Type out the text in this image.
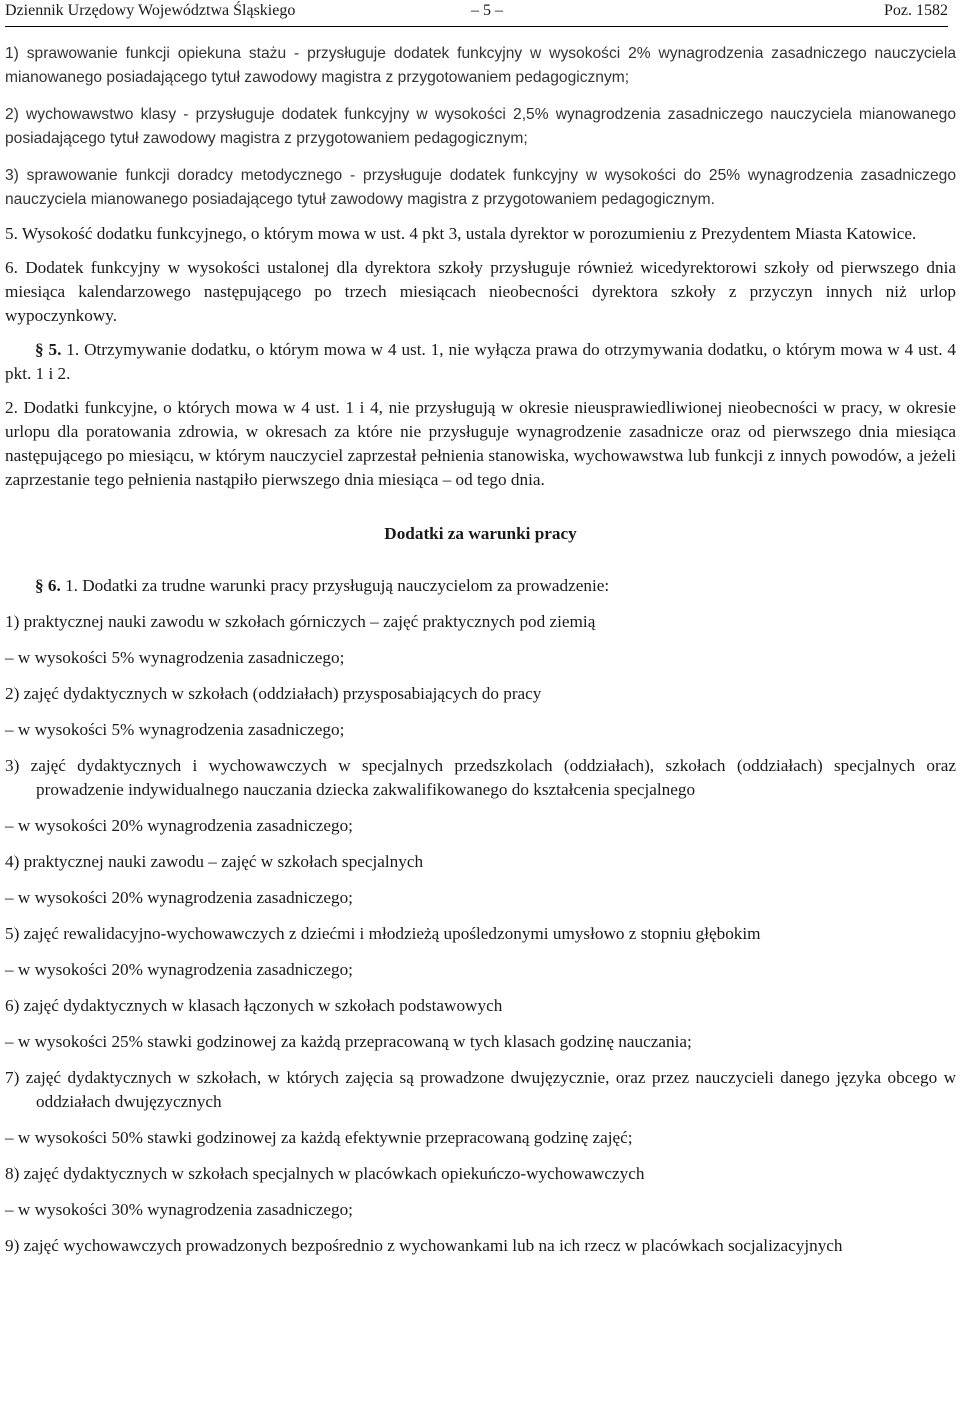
Dziennik Urzędowy Województwa Śląskiego	– 5 –	Poz. 1582

1) sprawowanie funkcji opiekuna stażu - przysługuje dodatek funkcyjny w wysokości 2% wynagrodzenia zasadniczego nauczyciela mianowanego posiadającego tytuł zawodowy magistra z przygotowaniem pedagogicznym;

2) wychowawstwo klasy - przysługuje dodatek funkcyjny w wysokości 2,5% wynagrodzenia zasadniczego nauczyciela mianowanego posiadającego tytuł zawodowy magistra z przygotowaniem pedagogicznym;

3) sprawowanie funkcji doradcy metodycznego - przysługuje dodatek funkcyjny w wysokości do 25% wynagrodzenia zasadniczego nauczyciela mianowanego posiadającego tytuł zawodowy magistra z przygotowaniem pedagogicznym.

5. Wysokość dodatku funkcyjnego, o którym mowa w ust. 4 pkt 3, ustala dyrektor w porozumieniu z Prezydentem Miasta Katowice.

6. Dodatek funkcyjny w wysokości ustalonej dla dyrektora szkoły przysługuje również wicedyrektorowi szkoły od pierwszego dnia miesiąca kalendarzowego następującego po trzech miesiącach nieobecności dyrektora szkoły z przyczyn innych niż urlop wypoczynkowy.

§ 5. 1. Otrzymywanie dodatku, o którym mowa w 4 ust. 1, nie wyłącza prawa do otrzymywania dodatku, o którym mowa w 4 ust. 4 pkt. 1 i 2.

2. Dodatki funkcyjne, o których mowa w 4 ust. 1 i 4, nie przysługują w okresie nieusprawiedliwionej nieobecności w pracy, w okresie urlopu dla poratowania zdrowia, w okresach za które nie przysługuje wynagrodzenie zasadnicze oraz od pierwszego dnia miesiąca następującego po miesiącu, w którym nauczyciel zaprzestał pełnienia stanowiska, wychowawstwa lub funkcji z innych powodów, a jeżeli zaprzestanie tego pełnienia nastąpiło pierwszego dnia miesiąca – od tego dnia.

Dodatki za warunki pracy

§ 6. 1. Dodatki za trudne warunki pracy przysługują nauczycielom za prowadzenie:

1) praktycznej nauki zawodu w szkołach górniczych – zajęć praktycznych pod ziemią

– w wysokości 5% wynagrodzenia zasadniczego;

2) zajęć dydaktycznych w szkołach (oddziałach) przysposabiających do pracy

– w wysokości 5% wynagrodzenia zasadniczego;

3) zajęć dydaktycznych i wychowawczych w specjalnych przedszkolach (oddziałach), szkołach (oddziałach) specjalnych oraz prowadzenie indywidualnego nauczania dziecka zakwalifikowanego do kształcenia specjalnego

– w wysokości 20% wynagrodzenia zasadniczego;

4) praktycznej nauki zawodu – zajęć w szkołach specjalnych

– w wysokości 20% wynagrodzenia zasadniczego;

5) zajęć rewalidacyjno-wychowawczych z dziećmi i młodzieżą upośledzonymi umysłowo z stopniu głębokim

– w wysokości 20% wynagrodzenia zasadniczego;

6) zajęć dydaktycznych w klasach łączonych w szkołach podstawowych

– w wysokości 25% stawki godzinowej za każdą przepracowaną w tych klasach godzinę nauczania;

7) zajęć dydaktycznych w szkołach, w których zajęcia są prowadzone dwujęzycznie, oraz przez nauczycieli danego języka obcego w oddziałach dwujęzycznych

– w wysokości 50% stawki godzinowej za każdą efektywnie przepracowaną godzinę zajęć;

8) zajęć dydaktycznych w szkołach specjalnych w placówkach opiekuńczo-wychowawczych

– w wysokości 30% wynagrodzenia zasadniczego;

9) zajęć wychowawczych prowadzonych bezpośrednio z wychowankami lub na ich rzecz w placówkach socjalizacyjnych
